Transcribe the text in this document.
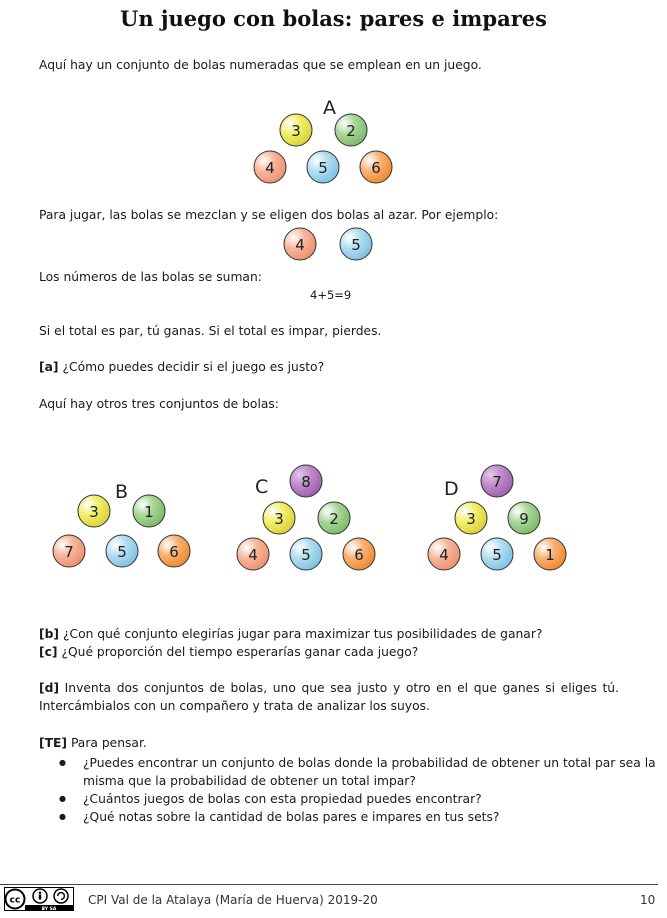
Un juego con bolas: pares e impares
Aquí hay un conjunto de bolas numeradas que se emplean en un juego.
A
3	2
4	5	6
Para jugar, las bolas se mezclan y se eligen dos bolas al azar. Por ejemplo:
4	5
Los números de las bolas se suman:
4+5=9
Si el total es par, tú ganas. Si el total es impar, pierdes.
[a] ¿Cómo puedes decidir si el juego es justo?
Aquí hay otros tres conjuntos de bolas:
B
3	1
7	5	6
C 8
3	2
4	5	6
D 7
3	9
4	5	1
[b] ¿Con qué conjunto elegirías jugar para maximizar tus posibilidades de ganar?
[c] ¿Qué proporción del tiempo esperarías ganar cada juego?
[d] Inventa dos conjuntos de bolas, uno que sea justo y otro en el que ganes si eliges tú. Intercámbialos con un compañero y trata de analizar los suyos.
[TE] Para pensar.
● ¿Puedes encontrar un conjunto de bolas donde la probabilidad de obtener un total par sea la misma que la probabilidad de obtener un total impar?
● ¿Cuántos juegos de bolas con esta propiedad puedes encontrar?
● ¿Qué notas sobre la cantidad de bolas pares e impares en tus sets?
cc
BY SA
CPI Val de la Atalaya (María de Huerva) 2019-20	10
